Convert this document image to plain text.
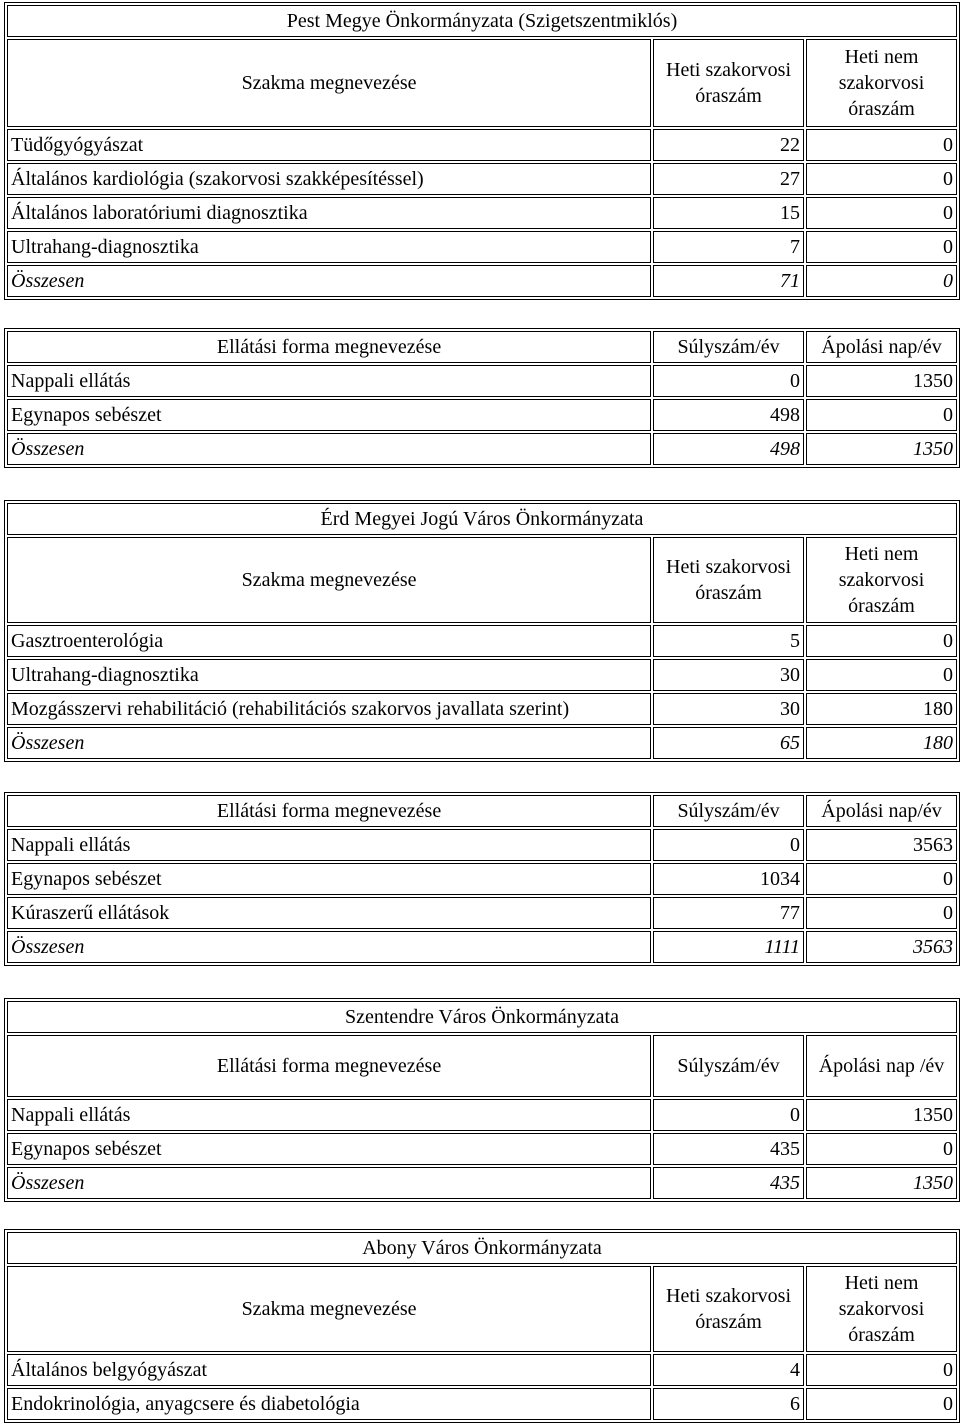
Pest Megye Önkormányzata (Szigetszentmiklós)		
Szakma megnevezése	Heti szakorvosi óraszám	Heti nem szakorvosi óraszám
Tüdőgyógyászat	22	0
Általános kardiológia (szakorvosi szakképesítéssel)	27	0
Általános laboratóriumi diagnosztika	15	0
Ultrahang-diagnosztika	7	0
Összesen	71	0
Ellátási forma megnevezése	Súlyszám/év	Ápolási nap/év
Nappali ellátás	0	1350
Egynapos sebészet	498	0
Összesen	498	1350
Érd Megyei Jogú Város Önkormányzata		
Szakma megnevezése	Heti szakorvosi óraszám	Heti nem szakorvosi óraszám
Gasztroenterológia	5	0
Ultrahang-diagnosztika	30	0
Mozgásszervi rehabilitáció (rehabilitációs szakorvos javallata szerint)	30	180
Összesen	65	180
Ellátási forma megnevezése	Súlyszám/év	Ápolási nap/év
Nappali ellátás	0	3563
Egynapos sebészet	1034	0
Kúraszerű ellátások	77	0
Összesen	1111	3563
Szentendre Város Önkormányzata		
Ellátási forma megnevezése	Súlyszám/év	Ápolási nap /év
Nappali ellátás	0	1350
Egynapos sebészet	435	0
Összesen	435	1350
Abony Város Önkormányzata		
Szakma megnevezése	Heti szakorvosi óraszám	Heti nem szakorvosi óraszám
Általános belgyógyászat	4	0
Endokrinológia, anyagcsere és diabetológia	6	0
